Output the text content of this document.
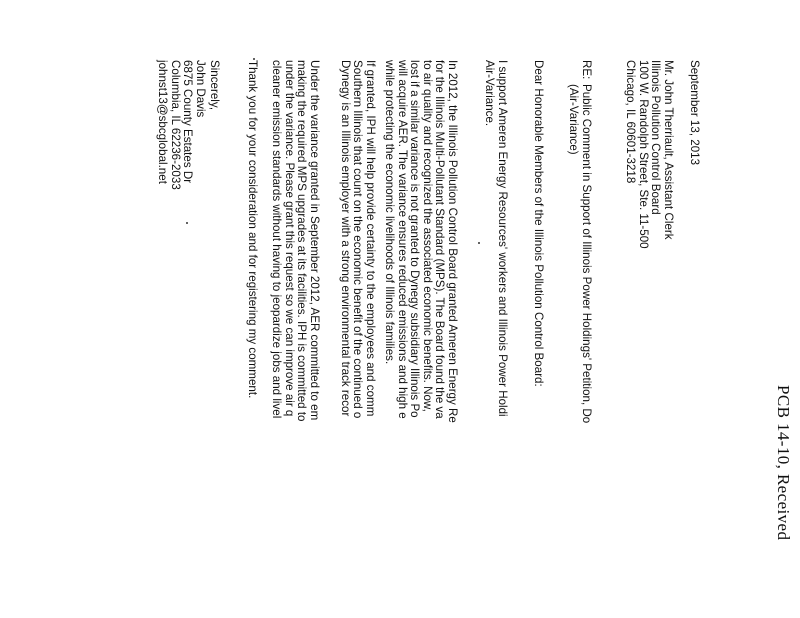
PCB 14-10, Received
September 13, 2013
Mr. John Therriault, Assistant Clerk
Illinois Pollution Control Board
100 W. Randolph Street, Ste. 11-500
Chicago, IL 60601-3218
RE:
Public Comment in Support of Illinois Power Holdings' Petition, Do
(Air-Variance)
Dear Honorable Members of the Illinois Pollution Control Board:
I support Ameren Energy Resources' workers and Illinois Power Holdi
Air-Variance.
In 2012, the Illinois Pollution Control Board granted Ameren Energy Re
for the Illinois Multi-Pollutant Standard (MPS). The Board found the va
to air quality and recognized the associated economic benefits. Now,
lost if a similar variance is not granted to Dynegy subsidiary Illinois Po
will acquire AER. The variance ensures reduced emissions and high e
while protecting the economic livelihoods of Illinois families.
If granted, IPH will help provide certainty to the employees and comm
Southern Illinois that count on the economic benefit of the continued o
Dynegy is an Illinois employer with a strong environmental track recor
Under the variance granted in September 2012, AER committed to em
making the required MPS upgrades at its facilities. IPH is committed to
under the variance. Please grant this request so we can improve air q
cleaner emission standards without having to jeopardize jobs and livel
Thank you for your consideration and for registering my comment.
Sincerely,
John Davis
6875 County Estates Dr
Columbia, IL 62236-2033
johnst13@sbcglobal.net
